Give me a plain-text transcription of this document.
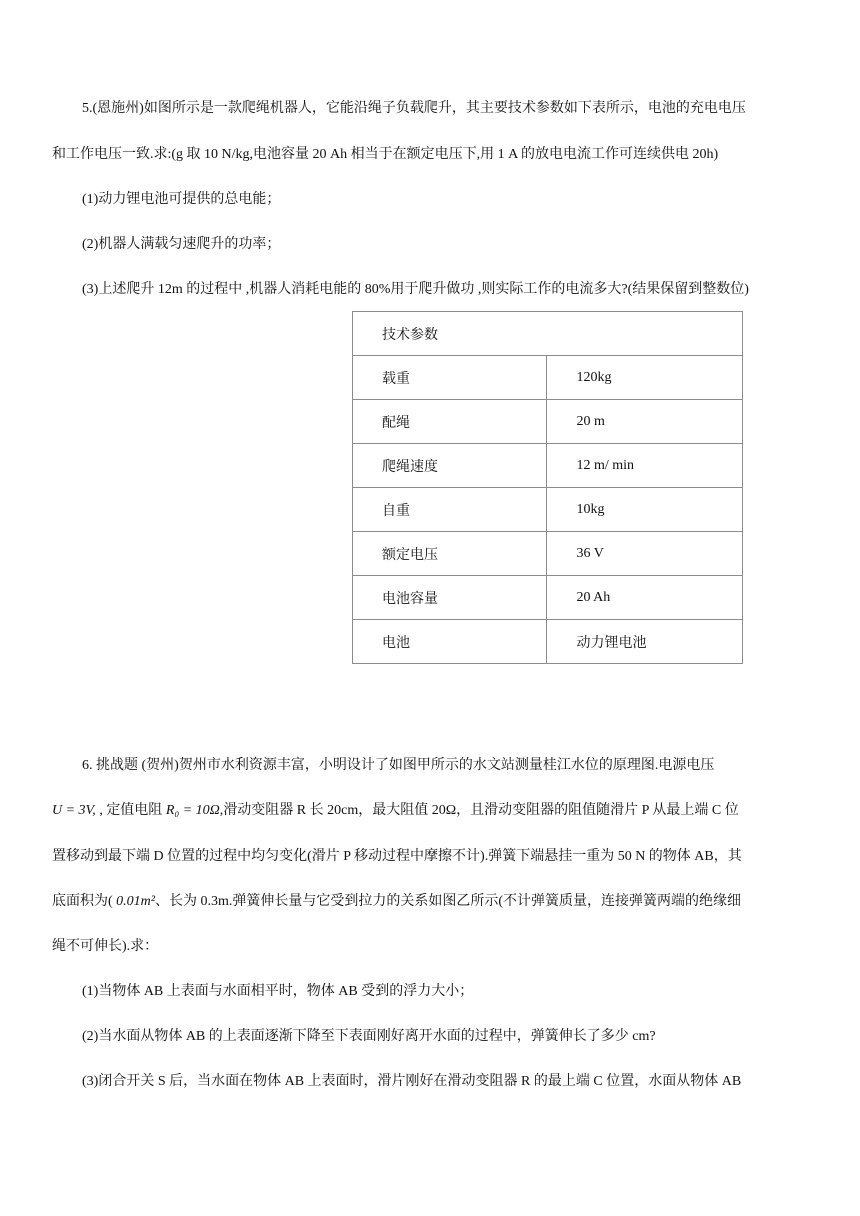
5.(恩施州)如图所示是一款爬绳机器人，它能沿绳子负载爬升，其主要技术参数如下表所示，电池的充电电压
和工作电压一致.求:(g 取 10 N/kg,电池容量 20 Ah 相当于在额定电压下,用 1 A 的放电电流工作可连续供电 20h)
(1)动力锂电池可提供的总电能；
(2)机器人满载匀速爬升的功率；
(3)上述爬升 12m 的过程中 ,机器人消耗电能的 80%用于爬升做功 ,则实际工作的电流多大?(结果保留到整数位)
技术参数	
载重	120kg
配绳	20 m
爬绳速度	12 m/ min
自重	10kg
额定电压	36 V
电池容量	20 Ah
电池	动力锂电池
6. 挑战题 (贺州)贺州市水利资源丰富，小明设计了如图甲所示的水文站测量桂江水位的原理图.电源电压
U = 3V, , 定值电阻 R₀ = 10Ω,滑动变阻器 R 长 20cm，最大阻值 20Ω，且滑动变阻器的阻值随滑片 P 从最上端 C 位
置移动到最下端 D 位置的过程中均匀变化(滑片 P 移动过程中摩擦不计).弹簧下端悬挂一重为 50 N 的物体 AB，其
底面积为( 0.01m²、长为 0.3m.弹簧伸长量与它受到拉力的关系如图乙所示(不计弹簧质量，连接弹簧两端的绝缘细
绳不可伸长).求：
(1)当物体 AB 上表面与水面相平时，物体 AB 受到的浮力大小；
(2)当水面从物体 AB 的上表面逐渐下降至下表面刚好离开水面的过程中，弹簧伸长了多少 cm?
(3)闭合开关 S 后，当水面在物体 AB 上表面时，滑片刚好在滑动变阻器 R 的最上端 C 位置，水面从物体 AB
